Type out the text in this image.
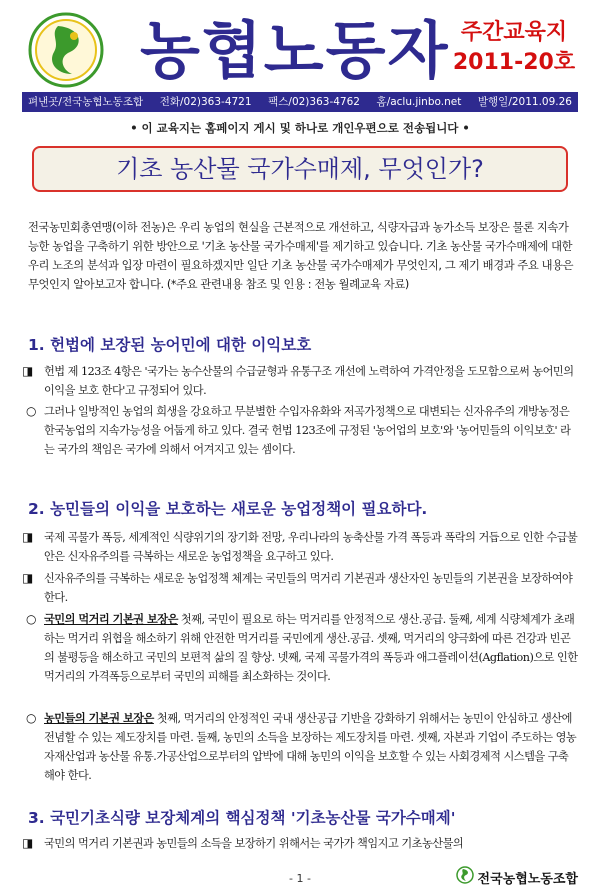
농협노동자 주간교육지
2011-20호
펴낸곳/전국농협노동조합 전화/02)363-4721 팩스/02)363-4762 홈/aclu.jinbo.net 발행일/2011.09.26
• 이 교육지는 홈페이지 게시 및 하나로 개인우편으로 전송됩니다 •
기초 농산물 국가수매제, 무엇인가?

전국농민회총연맹(이하 전농)은 우리 농업의 현실을 근본적으로 개선하고, 식량자급과 농가소득 보장은 물론 지속가능한 농업을 구축하기 위한 방안으로 '기초 농산물 국가수매제'를 제기하고 있습니다. 기초 농산물 국가수매제에 대한 우리 노조의 분석과 입장 마련이 필요하겠지만 일단 기초 농산물 국가수매제가 무엇인지, 그 제기 배경과 주요 내용은 무엇인지 알아보고자 합니다. (*주요 관련내용 참조 및 인용 : 전농 월례교육 자료)

1. 헌법에 보장된 농어민에 대한 이익보호
◨ 헌법 제 123조 4항은 '국가는 농수산물의 수급균형과 유통구조 개선에 노력하여 가격안정을 도모함으로써 농어민의 이익을 보호 한다'고 규정되어 있다.
○ 그러나 일방적인 농업의 희생을 강요하고 무분별한 수입자유화와 저곡가정책으로 대변되는 신자유주의 개방농정은 한국농업의 지속가능성을 어둡게 하고 있다. 결국 헌법 123조에 규정된 '농어업의 보호'와 '농어민들의 이익보호' 라는 국가의 책임은 국가에 의해서 어겨지고 있는 셈이다.
2. 농민들의 이익을 보호하는 새로운 농업정책이 필요하다.
◨ 국제 곡물가 폭등, 세계적인 식량위기의 장기화 전망, 우리나라의 농축산물 가격 폭등과 폭락의 거듭으로 인한 수급불안은 신자유주의를 극복하는 새로운 농업정책을 요구하고 있다.
◨ 신자유주의를 극복하는 새로운 농업정책 체계는 국민들의 먹거리 기본권과 생산자인 농민들의 기본권을 보장하여야 한다.
○ 국민의 먹거리 기본권 보장은 첫째, 국민이 필요로 하는 먹거리를 안정적으로 생산․공급. 둘째, 세계 식량체계가 초래하는 먹거리 위협을 해소하기 위해 안전한 먹거리를 국민에게 생산․공급. 셋째, 먹거리의 양극화에 따른 건강과 빈곤의 불평등을 해소하고 국민의 보편적 삶의 질 향상. 넷째, 국제 곡물가격의 폭등과 애그플레이션(Agflation)으로 인한 먹거리의 가격폭등으로부터 국민의 피해를 최소화하는 것이다.
○ 농민들의 기본권 보장은 첫째, 먹거리의 안정적인 국내 생산공급 기반을 강화하기 위해서는 농민이 안심하고 생산에 전념할 수 있는 제도장치를 마련. 둘째, 농민의 소득을 보장하는 제도장치를 마련. 셋째, 자본과 기업이 주도하는 영농자재산업과 농산물 유통․가공산업으로부터의 압박에 대해 농민의 이익을 보호할 수 있는 사회경제적 시스템을 구축해야 한다.
3. 국민기초식량 보장체계의 핵심정책 '기초농산물 국가수매제'
◨ 국민의 먹거리 기본권과 농민들의 소득을 보장하기 위해서는 국가가 책임지고 기초농산물의
- 1 -	전국농협노동조합
